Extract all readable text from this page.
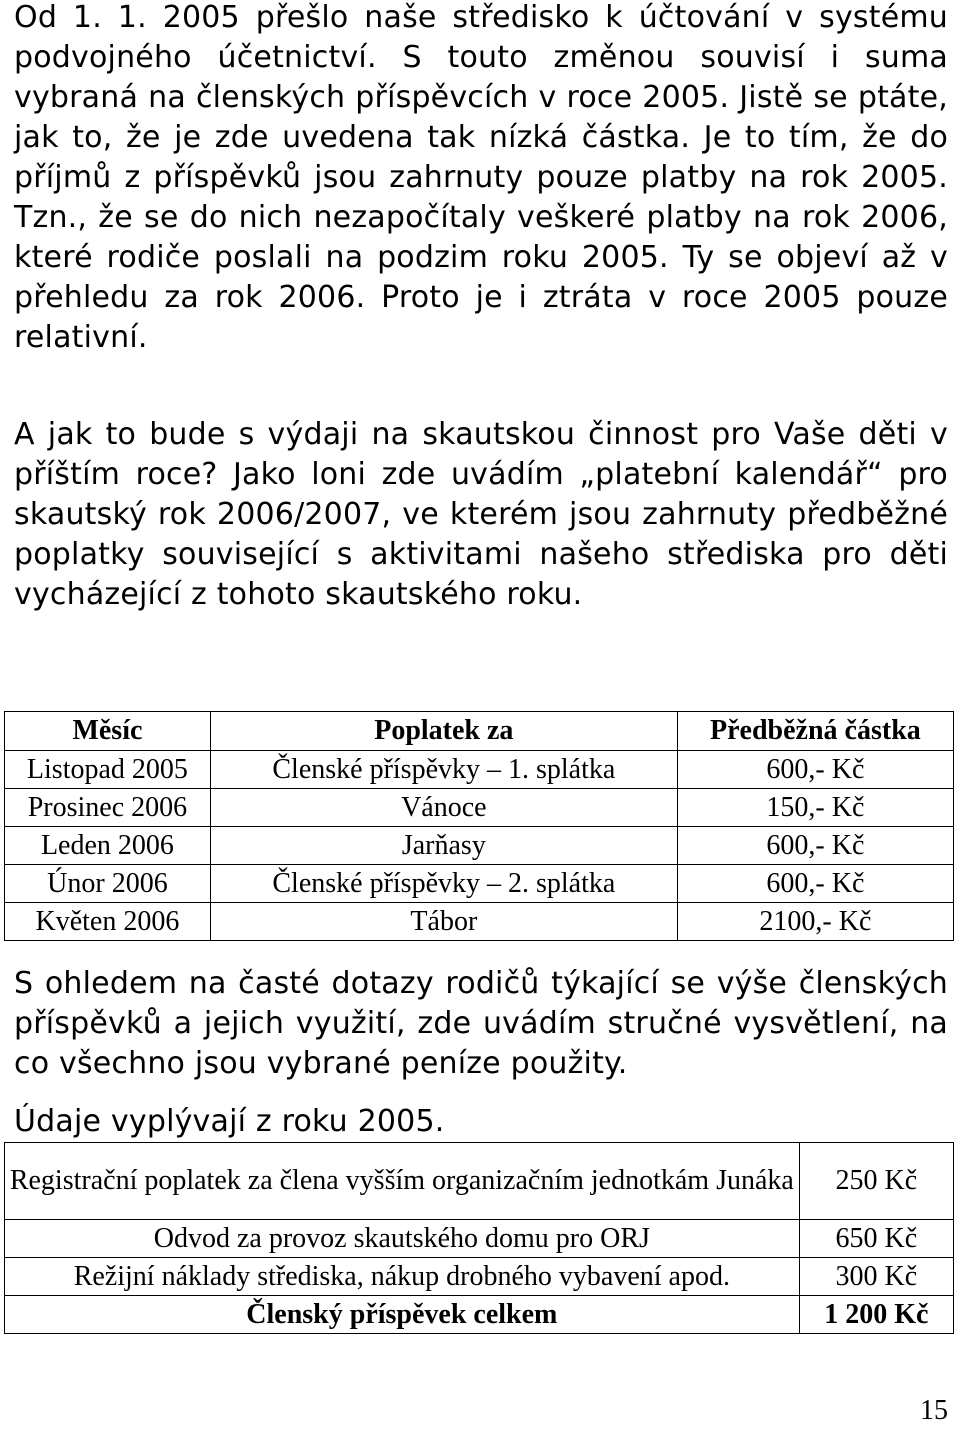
Od 1. 1. 2005 přešlo naše středisko k účtování v systému podvojného účetnictví. S touto změnou souvisí i suma vybraná na členských příspěvcích v roce 2005. Jistě se ptáte, jak to, že je zde uvedena tak nízká částka. Je to tím, že do příjmů z příspěvků jsou zahrnuty pouze platby na rok 2005. Tzn., že se do nich nezapočítaly veškeré platby na rok 2006, které rodiče poslali na podzim roku 2005. Ty se objeví až v přehledu za rok 2006. Proto je i ztráta v roce 2005 pouze relativní.

A jak to bude s výdaji na skautskou činnost pro Vaše děti v příštím roce? Jako loni zde uvádím „platební kalendář“ pro skautský rok 2006/2007, ve kterém jsou zahrnuty předběžné poplatky související s aktivitami našeho střediska pro děti vycházející z tohoto skautského roku.

Měsíc	Poplatek za	Předběžná částka
Listopad 2005	Členské příspěvky – 1. splátka	600,- Kč
Prosinec 2006	Vánoce	150,- Kč
Leden 2006	Jarňasy	600,- Kč
Únor 2006	Členské příspěvky – 2. splátka	600,- Kč
Květen 2006	Tábor	2100,- Kč

S ohledem na časté dotazy rodičů týkající se výše členských příspěvků a jejich využití, zde uvádím stručné vysvětlení, na co všechno jsou vybrané peníze použity.

Údaje vyplývají z roku 2005.

Registrační poplatek za člena vyšším organizačním jednotkám Junáka	250 Kč
Odvod za provoz skautského domu pro ORJ	650 Kč
Režijní náklady střediska, nákup drobného vybavení apod.	300 Kč
Členský příspěvek celkem	1 200 Kč
15
